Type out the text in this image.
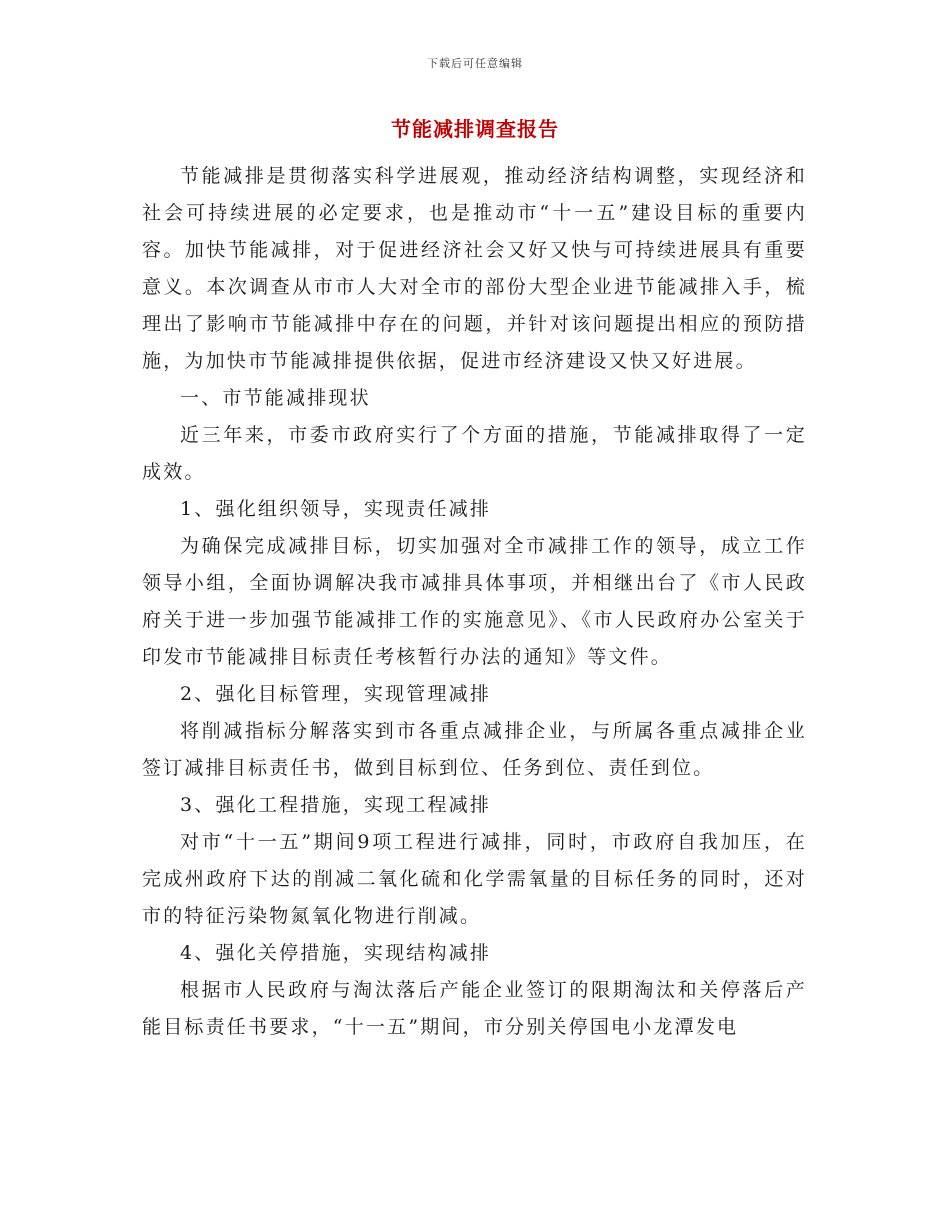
下载后可任意编辑
节能减排调查报告

节能减排是贯彻落实科学进展观，推动经济结构调整，实现经济和社会可持续进展的必定要求，也是推动市“十一五”建设目标的重要内容。加快节能减排，对于促进经济社会又好又快与可持续进展具有重要意义。本次调查从市市人大对全市的部份大型企业进节能减排入手，梳理出了影响市节能减排中存在的问题，并针对该问题提出相应的预防措施，为加快市节能减排提供依据，促进市经济建设又快又好进展。

一、市节能减排现状

近三年来，市委市政府实行了个方面的措施，节能减排取得了一定成效。

1、强化组织领导，实现责任减排

为确保完成减排目标，切实加强对全市减排工作的领导，成立工作领导小组，全面协调解决我市减排具体事项，并相继出台了《市人民政府关于进一步加强节能减排工作的实施意见》、《市人民政府办公室关于印发市节能减排目标责任考核暂行办法的通知》等文件。

2、强化目标管理，实现管理减排

将削减指标分解落实到市各重点减排企业，与所属各重点减排企业签订减排目标责任书，做到目标到位、任务到位、责任到位。

3、强化工程措施，实现工程减排

对市“十一五”期间9项工程进行减排，同时，市政府自我加压，在完成州政府下达的削减二氧化硫和化学需氧量的目标任务的同时，还对市的特征污染物氮氧化物进行削减。

4、强化关停措施，实现结构减排

根据市人民政府与淘汰落后产能企业签订的限期淘汰和关停落后产能目标责任书要求，“十一五”期间，市分别关停国电小龙潭发电
